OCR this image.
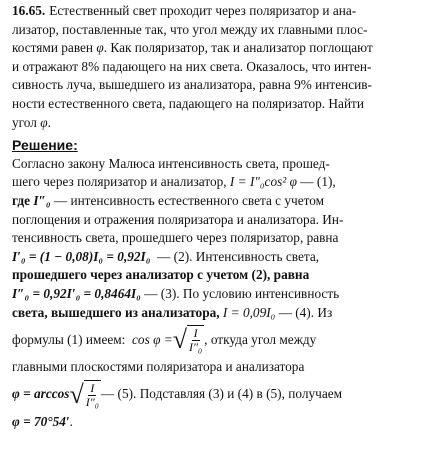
16.65. Естественный свет проходит через поляризатор и ана-
лизатор, поставленные так, что угол между их главными плос-
костями равен
φ . Как поляризатор, так и анализатор поглощают
и отражают 8% падающего на них света. Оказалось, что интен-
сивность луча, вышедшего из анализатора, равна 9% интенсив-
ности естественного света, падающего на поляризатор. Найти
угол
φ .
Решение:
Согласно закону Малюса интенсивность света, прошед-
шего через поляризатор и анализатор,
I = I″₀cos² φ
— (1),
где
I″₀
— интенсивность естественного света с учетом
поглощения и отражения поляризатора и анализатора. Ин-
тенсивность света, прошедшего через поляризатор, равна
I′₀ = (1 − 0,08)I₀ = 0,92I₀
— (2). Интенсивность света,
прошедшего через анализатор с учетом (2), равна
I″₀ = 0,92I′₀ = 0,8464I₀
— (3). По условию интенсивность
света, вышедшего из анализатора,
I = 0,09I₀
— (4). Из
формулы (1) имеем:
cos φ = √ $\frac{I}{\text{I″₀}}$ , откуда угол между
главными плоскостями поляризатора и анализатора
φ = arccos √ $\frac{I}{\text{I″₀}}$ — (5). Подставляя (3) и (4) в (5), получаем
φ = 70°54′ .
